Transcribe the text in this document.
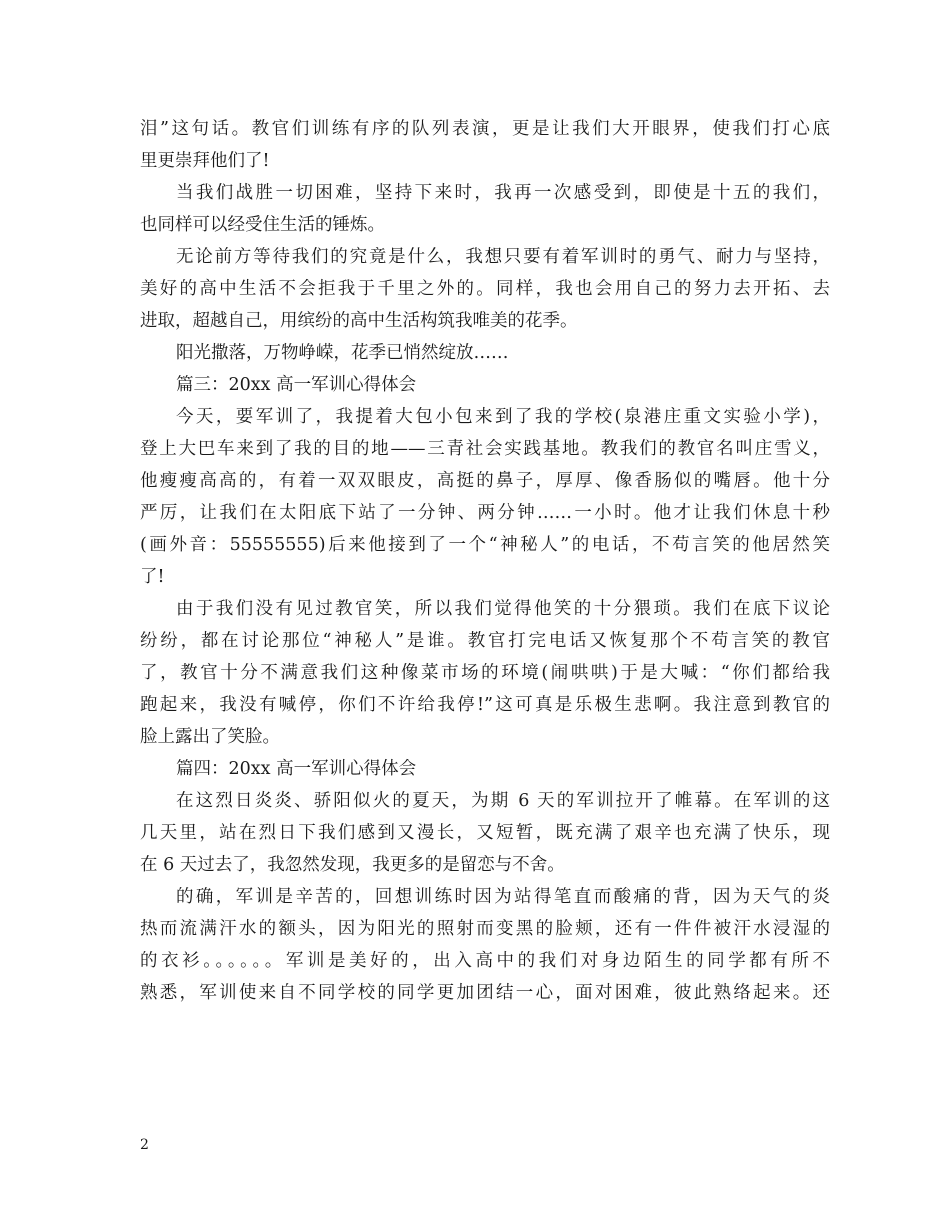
泪”这句话。教官们训练有序的队列表演，更是让我们大开眼界，使我们打心底

里更崇拜他们了!

当我们战胜一切困难，坚持下来时，我再一次感受到，即使是十五的我们，

也同样可以经受住生活的锤炼。

无论前方等待我们的究竟是什么，我想只要有着军训时的勇气、耐力与坚持，

美好的高中生活不会拒我于千里之外的。同样，我也会用自己的努力去开拓、去

进取，超越自己，用缤纷的高中生活构筑我唯美的花季。

阳光撒落，万物峥嵘，花季已悄然绽放……

篇三：20xx 高一军训心得体会

今天，要军训了，我提着大包小包来到了我的学校(泉港庄重文实验小学)，

登上大巴车来到了我的目的地——三青社会实践基地。教我们的教官名叫庄雪义，

他瘦瘦高高的，有着一双双眼皮，高挺的鼻子，厚厚、像香肠似的嘴唇。他十分

严厉，让我们在太阳底下站了一分钟、两分钟……一小时。他才让我们休息十秒

(画外音：55555555)后来他接到了一个“神秘人”的电话，不苟言笑的他居然笑

了!

由于我们没有见过教官笑，所以我们觉得他笑的十分猥琐。我们在底下议论

纷纷，都在讨论那位“神秘人”是谁。教官打完电话又恢复那个不苟言笑的教官

了，教官十分不满意我们这种像菜市场的环境(闹哄哄)于是大喊：“你们都给我

跑起来，我没有喊停，你们不许给我停!”这可真是乐极生悲啊。我注意到教官的

脸上露出了笑脸。

篇四：20xx 高一军训心得体会

在这烈日炎炎、骄阳似火的夏天，为期 6 天的军训拉开了帷幕。在军训的这

几天里，站在烈日下我们感到又漫长，又短暂，既充满了艰辛也充满了快乐，现

在 6 天过去了，我忽然发现，我更多的是留恋与不舍。

的确，军训是辛苦的，回想训练时因为站得笔直而酸痛的背，因为天气的炎

热而流满汗水的额头，因为阳光的照射而变黑的脸颊，还有一件件被汗水浸湿的

的衣衫。。。。。。军训是美好的，出入高中的我们对身边陌生的同学都有所不

熟悉，军训使来自不同学校的同学更加团结一心，面对困难，彼此熟络起来。还

2
